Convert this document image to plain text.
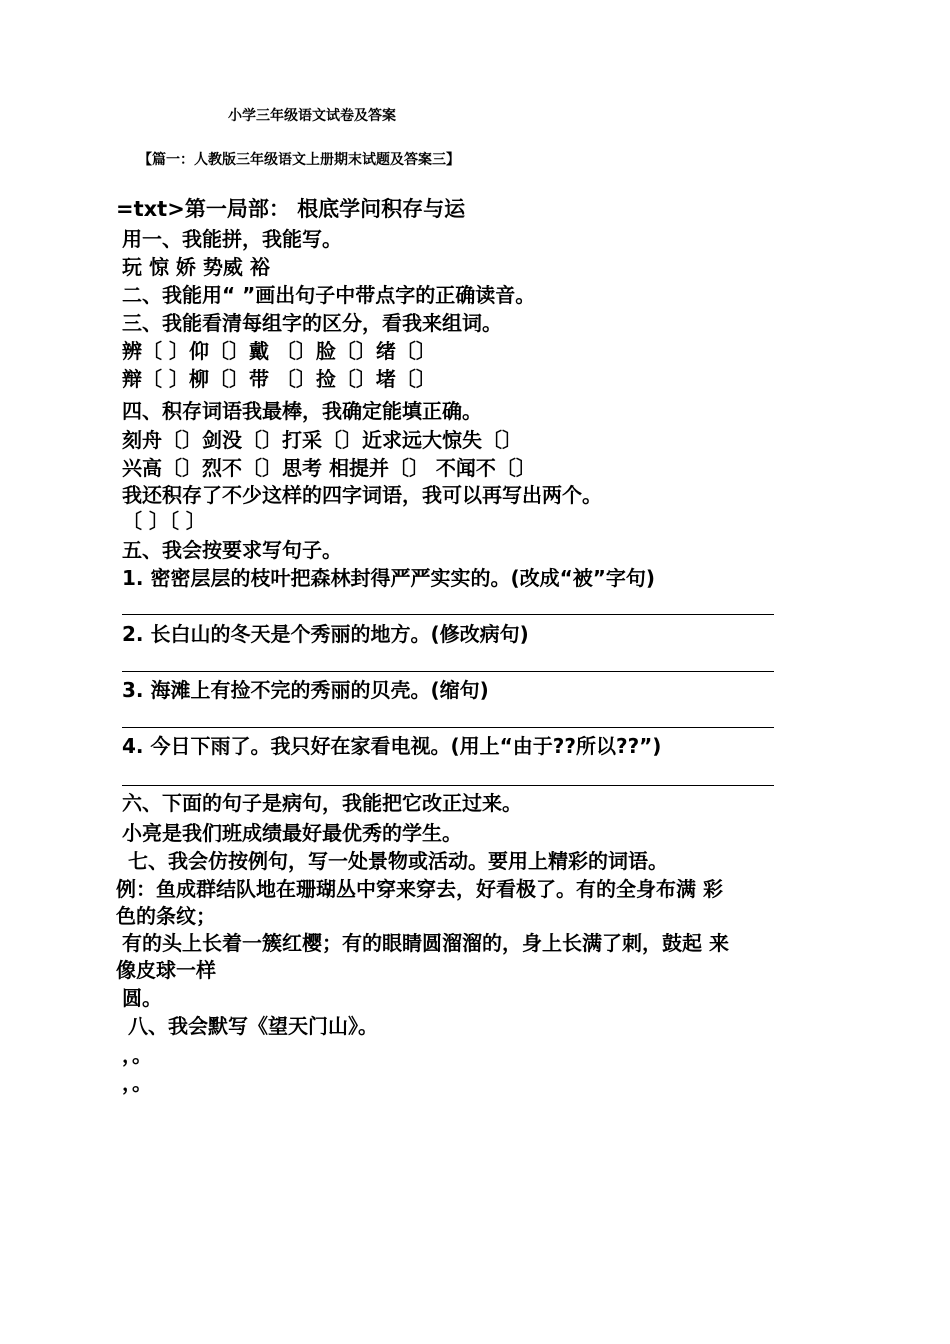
小学三年级语文试卷及答案
【篇一：人教版三年级语文上册期末试题及答案三】
=txt>第一局部： 根底学问积存与运
用一、我能拼，我能写。
玩 惊 娇 势威 裕
二、我能用“ ”画出句子中带点字的正确读音。
三、我能看清每组字的区分，看我来组词。
辨〔 〕仰〔〕戴 〔〕脸〔〕绪〔〕
辩〔 〕柳〔〕带 〔〕捡〔〕堵〔〕
四、积存词语我最棒，我确定能填正确。
刻舟〔〕剑没〔〕打采〔〕近求远大惊失〔〕
兴高〔〕烈不〔〕思考 相提并〔〕 不闻不〔〕
我还积存了不少这样的四字词语，我可以再写出两个。
〔 〕〔 〕
五、我会按要求写句子。
1. 密密层层的枝叶把森林封得严严实实的。(改成“被”字句)
2. 长白山的冬天是个秀丽的地方。(修改病句)
3. 海滩上有捡不完的秀丽的贝壳。(缩句)
4. 今日下雨了。我只好在家看电视。(用上“由于??所以??”)
六、下面的句子是病句，我能把它改正过来。
小亮是我们班成绩最好最优秀的学生。
七、我会仿按例句，写一处景物或活动。要用上精彩的词语。
例：鱼成群结队地在珊瑚丛中穿来穿去，好看极了。有的全身布满 彩
色的条纹；
有的头上长着一簇红樱；有的眼睛圆溜溜的，身上长满了刺，鼓起 来
像皮球一样
圆。
八、我会默写《望天门山》。
，。
，。
